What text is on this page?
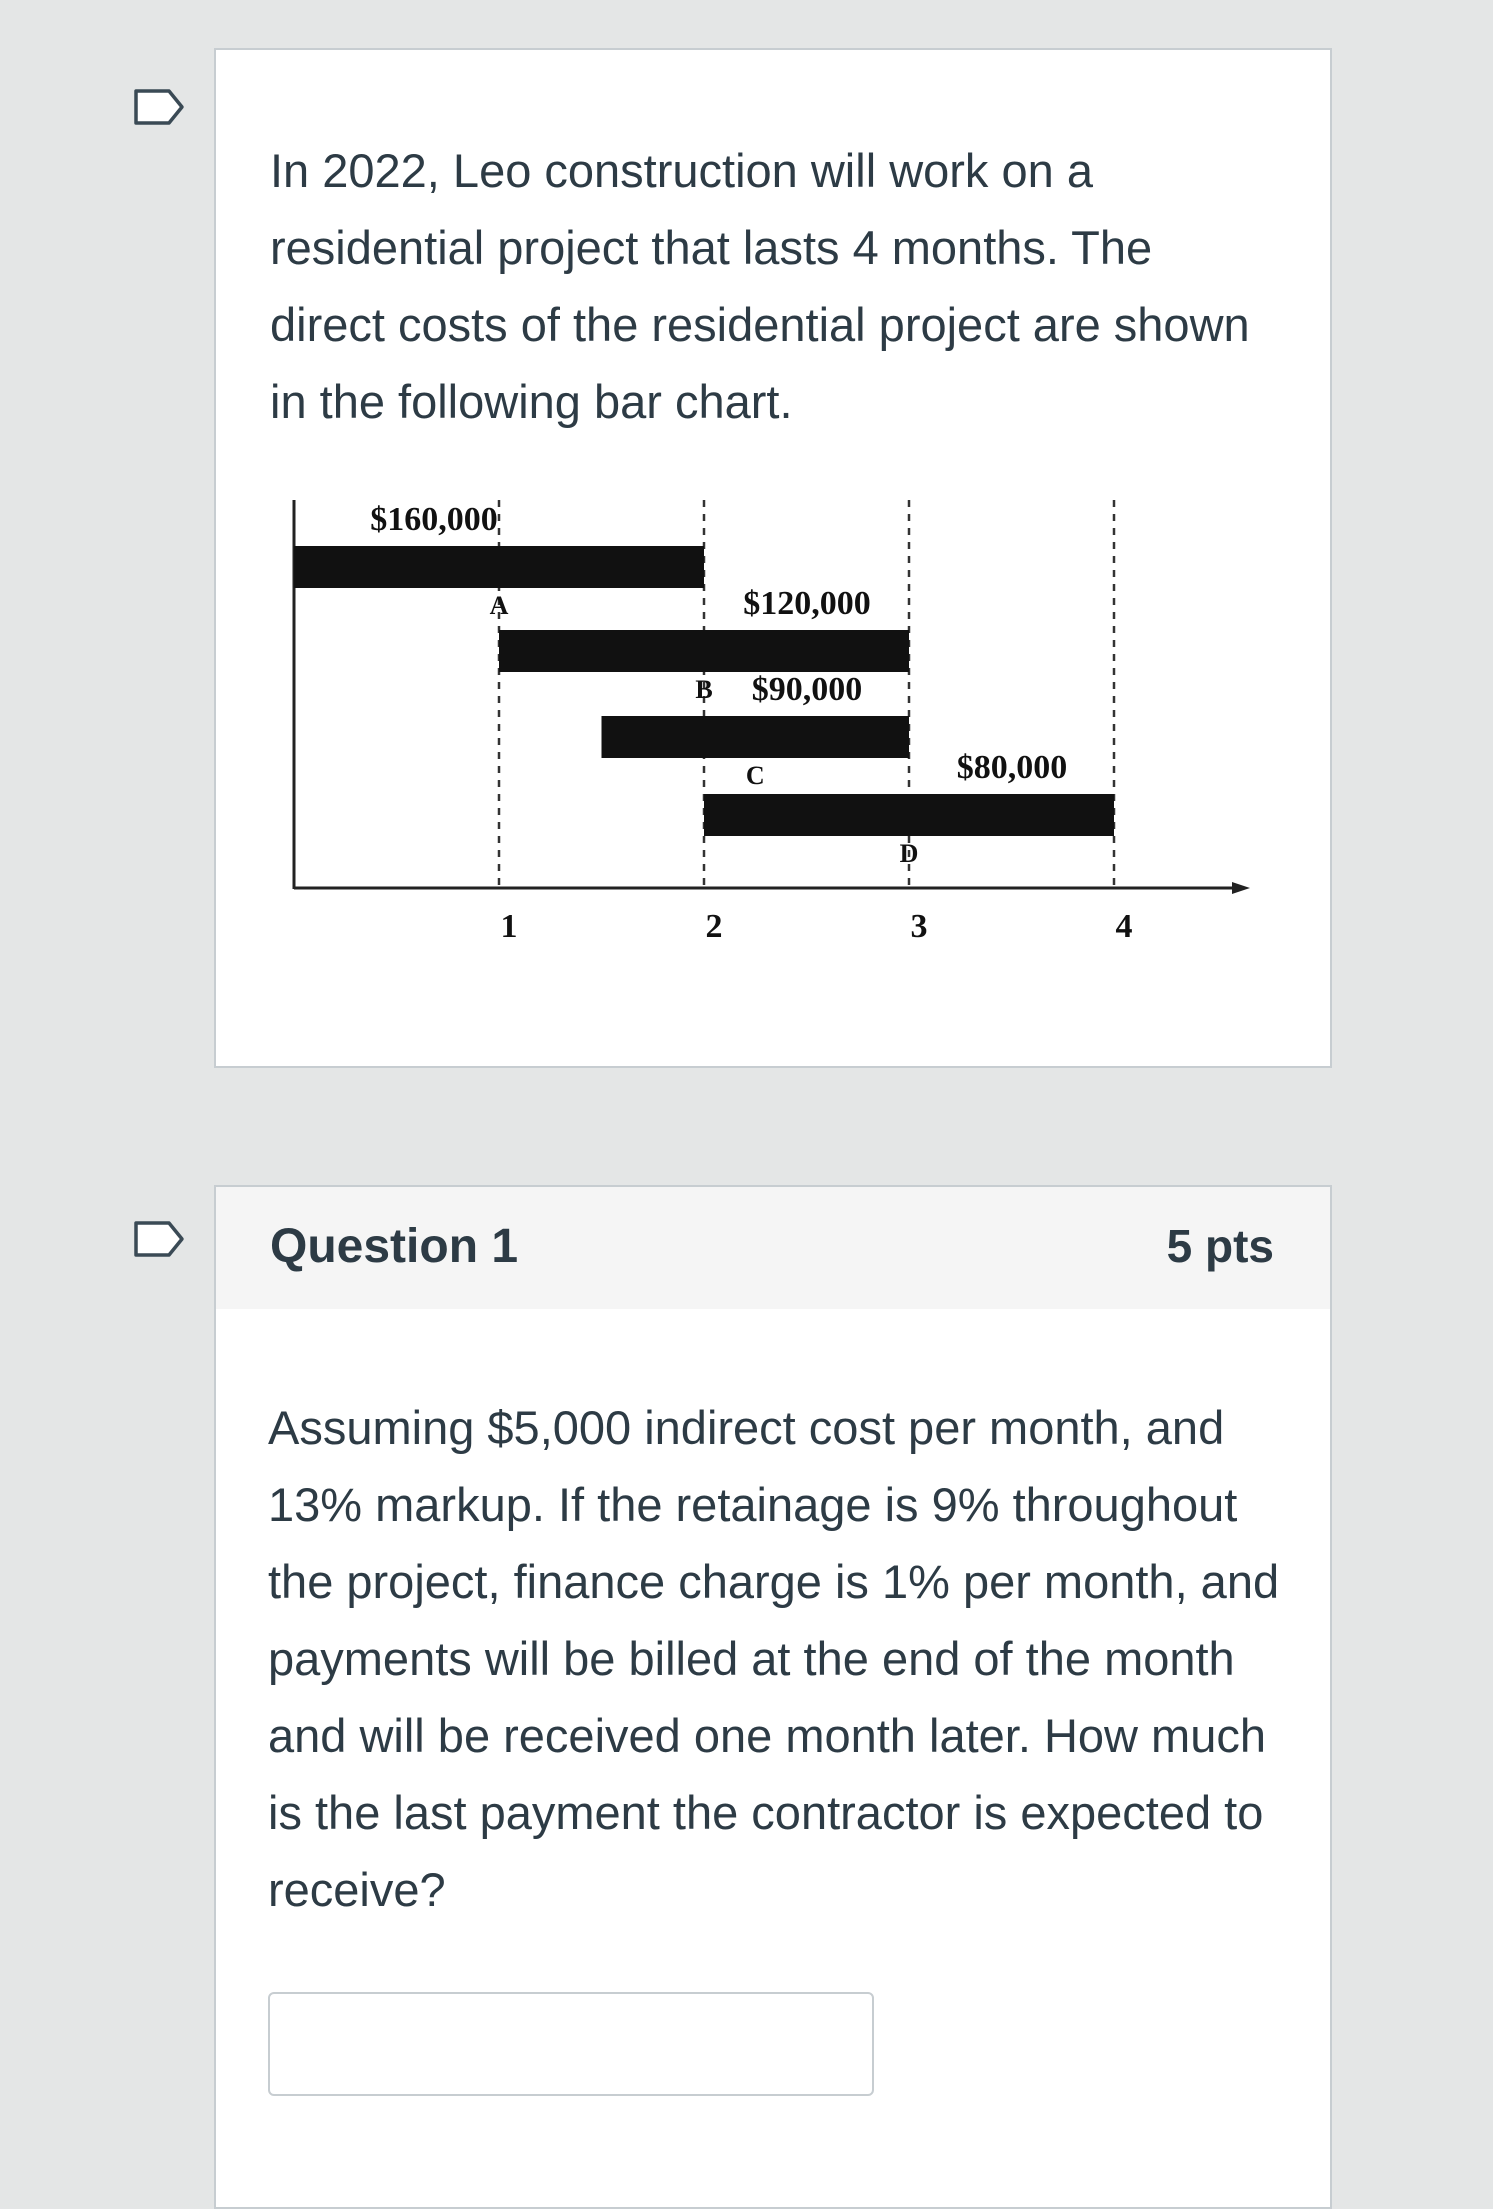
In 2022, Leo construction will work on a residential project that lasts 4 months. The direct costs of the residential project are shown in the following bar chart.

1	2	3	4
A
$160,000
B
$120,000
C
$90,000
D
$80,000
Question 1	5 pts

Assuming $5,000 indirect cost per month, and 13% markup. If the retainage is 9% throughout the project, finance charge is 1% per month, and payments will be billed at the end of the month and will be received one month later. How much is the last payment the contractor is expected to receive?
